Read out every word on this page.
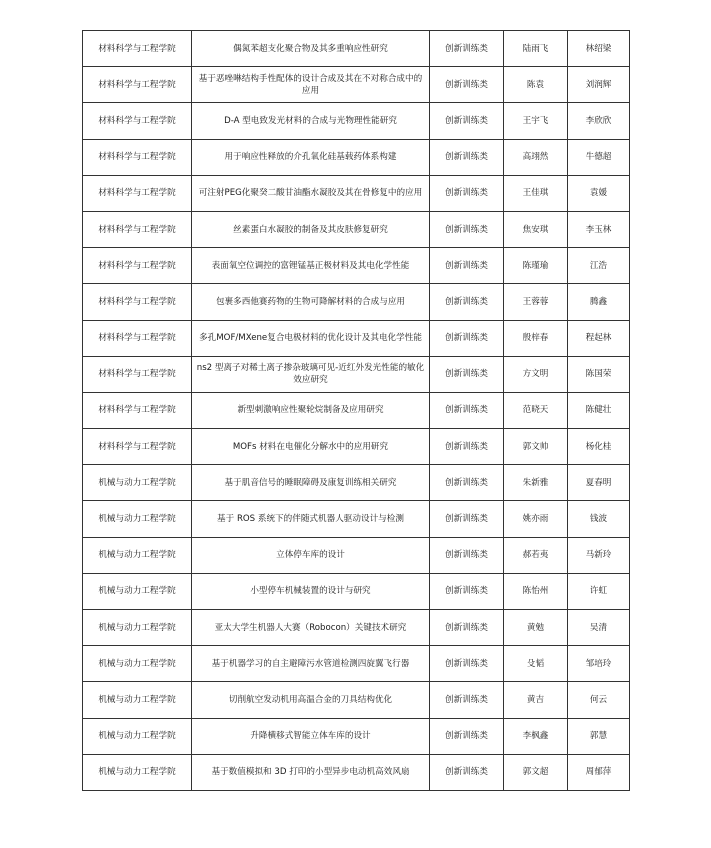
材料科学与工程学院	偶氮苯超支化聚合物及其多重响应性研究	创新训练类	陆雨飞	林绍梁
材料科学与工程学院	基于恶唑啉结构手性配体的设计合成及其在不对称合成中的应用	创新训练类	陈袁	刘润辉
材料科学与工程学院	D-A 型电致发光材料的合成与光物理性能研究	创新训练类	王宇飞	李欣欣
材料科学与工程学院	用于响应性释放的介孔氧化硅基载药体系构建	创新训练类	高翊然	牛德超
材料科学与工程学院	可注射PEG化聚癸二酸甘油酯水凝胶及其在骨修复中的应用	创新训练类	王佳琪	袁媛
材料科学与工程学院	丝素蛋白水凝胶的制备及其皮肤修复研究	创新训练类	焦安琪	李玉林
材料科学与工程学院	表面氧空位调控的富锂锰基正极材料及其电化学性能	创新训练类	陈瑾瑜	江浩
材料科学与工程学院	包裹多西他赛药物的生物可降解材料的合成与应用	创新训练类	王蓉蓉	腾鑫
材料科学与工程学院	多孔MOF/MXene复合电极材料的优化设计及其电化学性能	创新训练类	殷梓春	程起林
材料科学与工程学院	ns2 型离子对稀土离子掺杂玻璃可见-近红外发光性能的敏化效应研究	创新训练类	方文明	陈国荣
材料科学与工程学院	新型刺激响应性聚轮烷制备及应用研究	创新训练类	范晓天	陈健壮
材料科学与工程学院	MOFs 材料在电催化分解水中的应用研究	创新训练类	郭文帅	杨化桂
机械与动力工程学院	基于肌音信号的睡眠障碍及康复训练相关研究	创新训练类	朱新雅	夏春明
机械与动力工程学院	基于 ROS 系统下的伴随式机器人驱动设计与检测	创新训练类	姚亦雨	钱波
机械与动力工程学院	立体停车库的设计	创新训练类	郝若夷	马新玲
机械与动力工程学院	小型停车机械装置的设计与研究	创新训练类	陈怡州	许虹
机械与动力工程学院	亚太大学生机器人大赛（Robocon）关键技术研究	创新训练类	黄勉	吴清
机械与动力工程学院	基于机器学习的自主避障污水管道检测四旋翼飞行器	创新训练类	殳韬	邹培玲
机械与动力工程学院	切削航空发动机用高温合金的刀具结构优化	创新训练类	黄吉	何云
机械与动力工程学院	升降横移式智能立体车库的设计	创新训练类	李枫鑫	郭慧
机械与动力工程学院	基于数值模拟和 3D 打印的小型异步电动机高效风扇	创新训练类	郭文超	周郁萍
